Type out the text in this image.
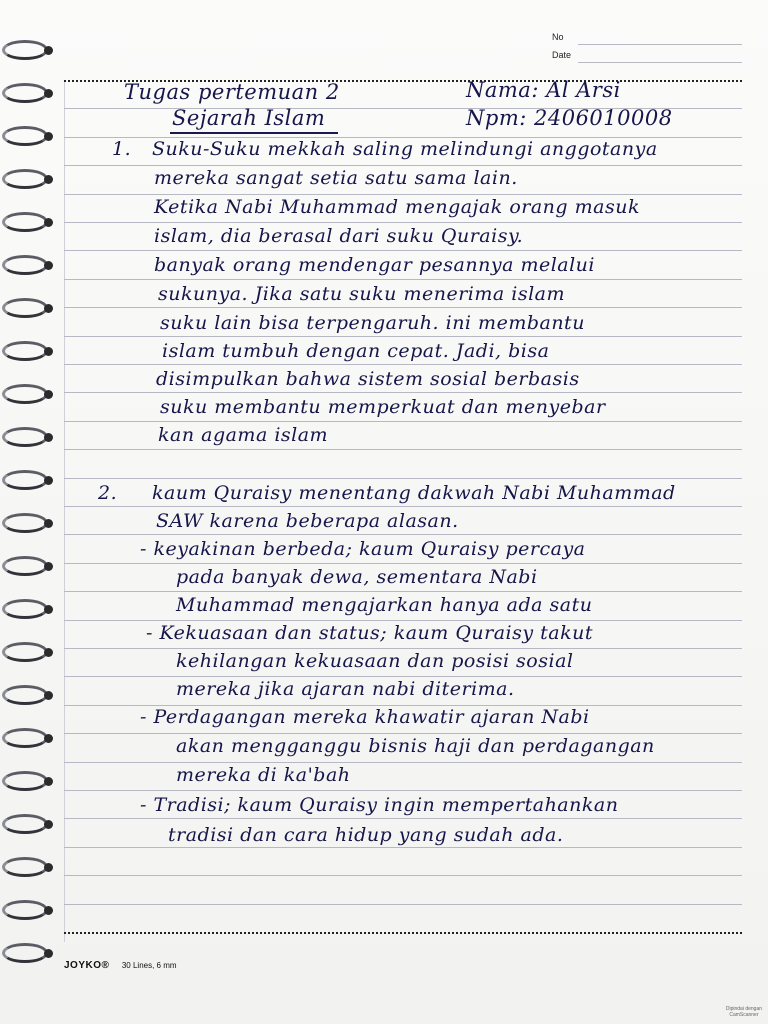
No
Date
Tugas pertemuan 2	Nama: Al Arsi
Sejarah Islam	Npm: 2406010008
1. Suku-Suku mekkah saling melindungi anggotanya
mereka sangat setia satu sama lain.
Ketika Nabi Muhammad mengajak orang masuk
islam, dia berasal dari suku Quraisy.
banyak orang mendengar pesannya melalui
sukunya. Jika satu suku menerima islam
suku lain bisa terpengaruh. ini membantu
islam tumbuh dengan cepat. Jadi, bisa
disimpulkan bahwa sistem sosial berbasis
suku membantu memperkuat dan menyebar
kan agama islam
2. kaum Quraisy menentang dakwah Nabi Muhammad
SAW karena beberapa alasan.
- keyakinan berbeda; kaum Quraisy percaya
pada banyak dewa, sementara Nabi
Muhammad mengajarkan hanya ada satu
- Kekuasaan dan status; kaum Quraisy takut
kehilangan kekuasaan dan posisi sosial
mereka jika ajaran nabi diterima.
- Perdagangan mereka khawatir ajaran Nabi
akan mengganggu bisnis haji dan perdagangan
mereka di ka'bah
- Tradisi; kaum Quraisy ingin mempertahankan
tradisi dan cara hidup yang sudah ada.
JOYKO® 30 Lines, 6 mm
Dipindai dengan
CamScanner
